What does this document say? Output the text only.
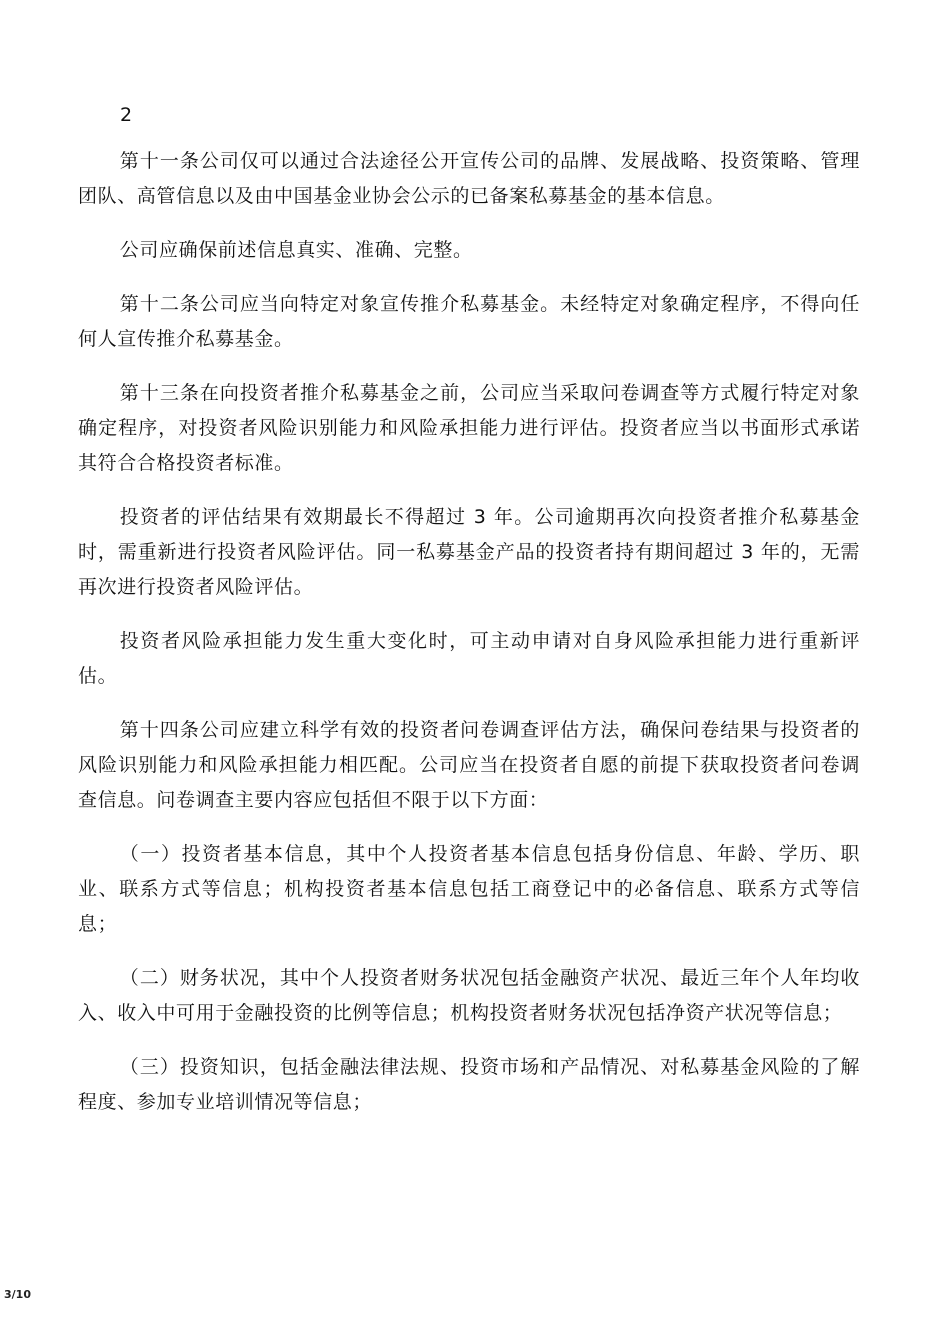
2

第十一条公司仅可以通过合法途径公开宣传公司的品牌、发展战略、投资策略、管理团队、高管信息以及由中国基金业协会公示的已备案私募基金的基本信息。

公司应确保前述信息真实、准确、完整。

第十二条公司应当向特定对象宣传推介私募基金。未经特定对象确定程序，不得向任何人宣传推介私募基金。

第十三条在向投资者推介私募基金之前，公司应当采取问卷调查等方式履行特定对象确定程序，对投资者风险识别能力和风险承担能力进行评估。投资者应当以书面形式承诺其符合合格投资者标准。

投资者的评估结果有效期最长不得超过 3 年。公司逾期再次向投资者推介私募基金时，需重新进行投资者风险评估。同一私募基金产品的投资者持有期间超过 3 年的，无需再次进行投资者风险评估。

投资者风险承担能力发生重大变化时，可主动申请对自身风险承担能力进行重新评估。

第十四条公司应建立科学有效的投资者问卷调查评估方法，确保问卷结果与投资者的风险识别能力和风险承担能力相匹配。公司应当在投资者自愿的前提下获取投资者问卷调查信息。问卷调查主要内容应包括但不限于以下方面：

（一）投资者基本信息，其中个人投资者基本信息包括身份信息、年龄、学历、职业、联系方式等信息；机构投资者基本信息包括工商登记中的必备信息、联系方式等信息；

（二）财务状况，其中个人投资者财务状况包括金融资产状况、最近三年个人年均收入、收入中可用于金融投资的比例等信息；机构投资者财务状况包括净资产状况等信息；

（三）投资知识，包括金融法律法规、投资市场和产品情况、对私募基金风险的了解程度、参加专业培训情况等信息；

3/10
